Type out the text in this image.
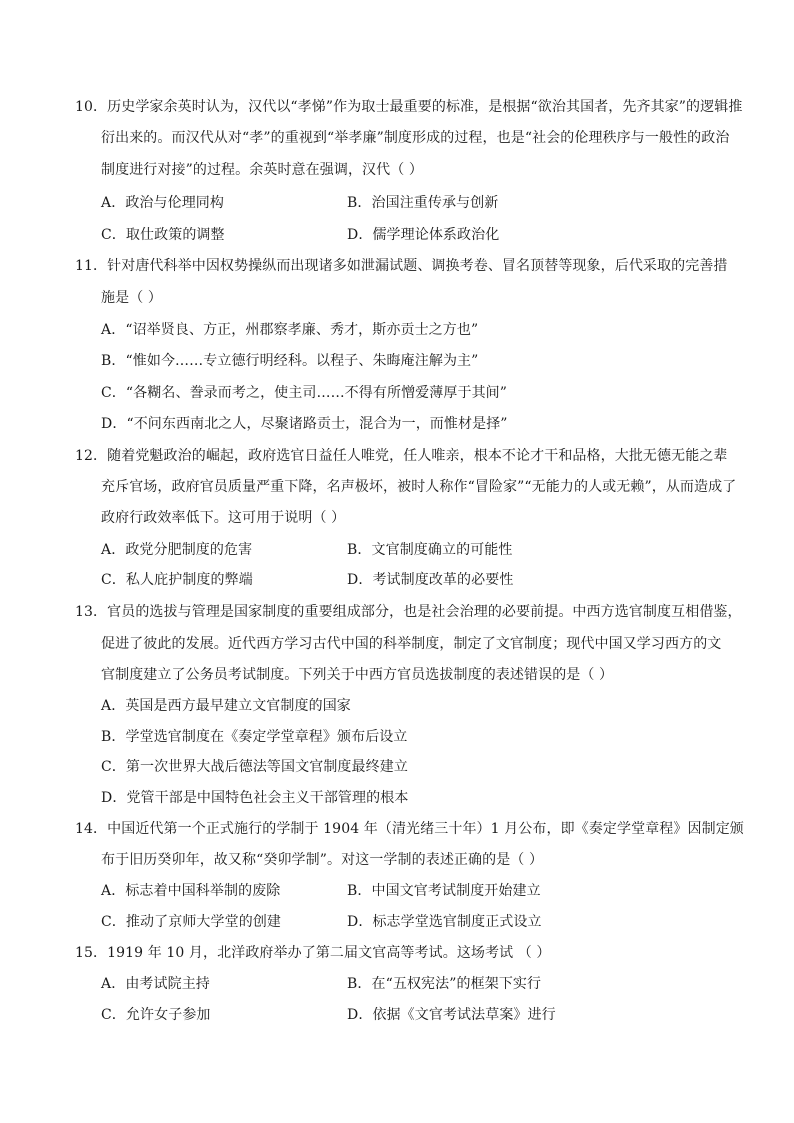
10．历史学家余英时认为，汉代以“孝悌”作为取士最重要的标准，是根据“欲治其国者，先齐其家”的逻辑推
衍出来的。而汉代从对“孝”的重视到“举孝廉”制度形成的过程，也是“社会的伦理秩序与一般性的政治
制度进行对接”的过程。余英时意在强调，汉代（ ）
A．政治与伦理同构	B．治国注重传承与创新
C．取仕政策的调整	D．儒学理论体系政治化
11．针对唐代科举中因权势操纵而出现诸多如泄漏试题、调换考卷、冒名顶替等现象，后代采取的完善措
施是（ ）
A．“诏举贤良、方正，州郡察孝廉、秀才，斯亦贡士之方也”
B．“惟如今……专立德行明经科。以程子、朱晦庵注解为主”
C．“各糊名、誊录而考之，使主司……不得有所憎爱薄厚于其间”
D．“不问东西南北之人，尽聚诸路贡士，混合为一，而惟材是择”
12．随着党魁政治的崛起，政府选官日益任人唯党，任人唯亲，根本不论才干和品格，大批无德无能之辈
充斥官场，政府官员质量严重下降，名声极坏，被时人称作“冒险家”“无能力的人或无赖”，从而造成了
政府行政效率低下。这可用于说明（ ）
A．政党分肥制度的危害	B．文官制度确立的可能性
C．私人庇护制度的弊端	D．考试制度改革的必要性
13．官员的选拔与管理是国家制度的重要组成部分，也是社会治理的必要前提。中西方选官制度互相借鉴，
促进了彼此的发展。近代西方学习古代中国的科举制度，制定了文官制度；现代中国又学习西方的文
官制度建立了公务员考试制度。下列关于中西方官员选拔制度的表述错误的是（ ）
A．英国是西方最早建立文官制度的国家
B．学堂选官制度在《奏定学堂章程》颁布后设立
C．第一次世界大战后德法等国文官制度最终建立
D．党管干部是中国特色社会主义干部管理的根本
14．中国近代第一个正式施行的学制于 1904 年（清光绪三十年）1 月公布，即《奏定学堂章程》因制定颁
布于旧历癸卯年，故又称“癸卯学制”。对这一学制的表述正确的是（ ）
A．标志着中国科举制的废除	B．中国文官考试制度开始建立
C．推动了京师大学堂的创建	D．标志学堂选官制度正式设立
15．1919 年 10 月，北洋政府举办了第二届文官高等考试。这场考试 （ ）
A．由考试院主持	B．在“五权宪法”的框架下实行
C．允许女子参加	D．依据《文官考试法草案》进行
